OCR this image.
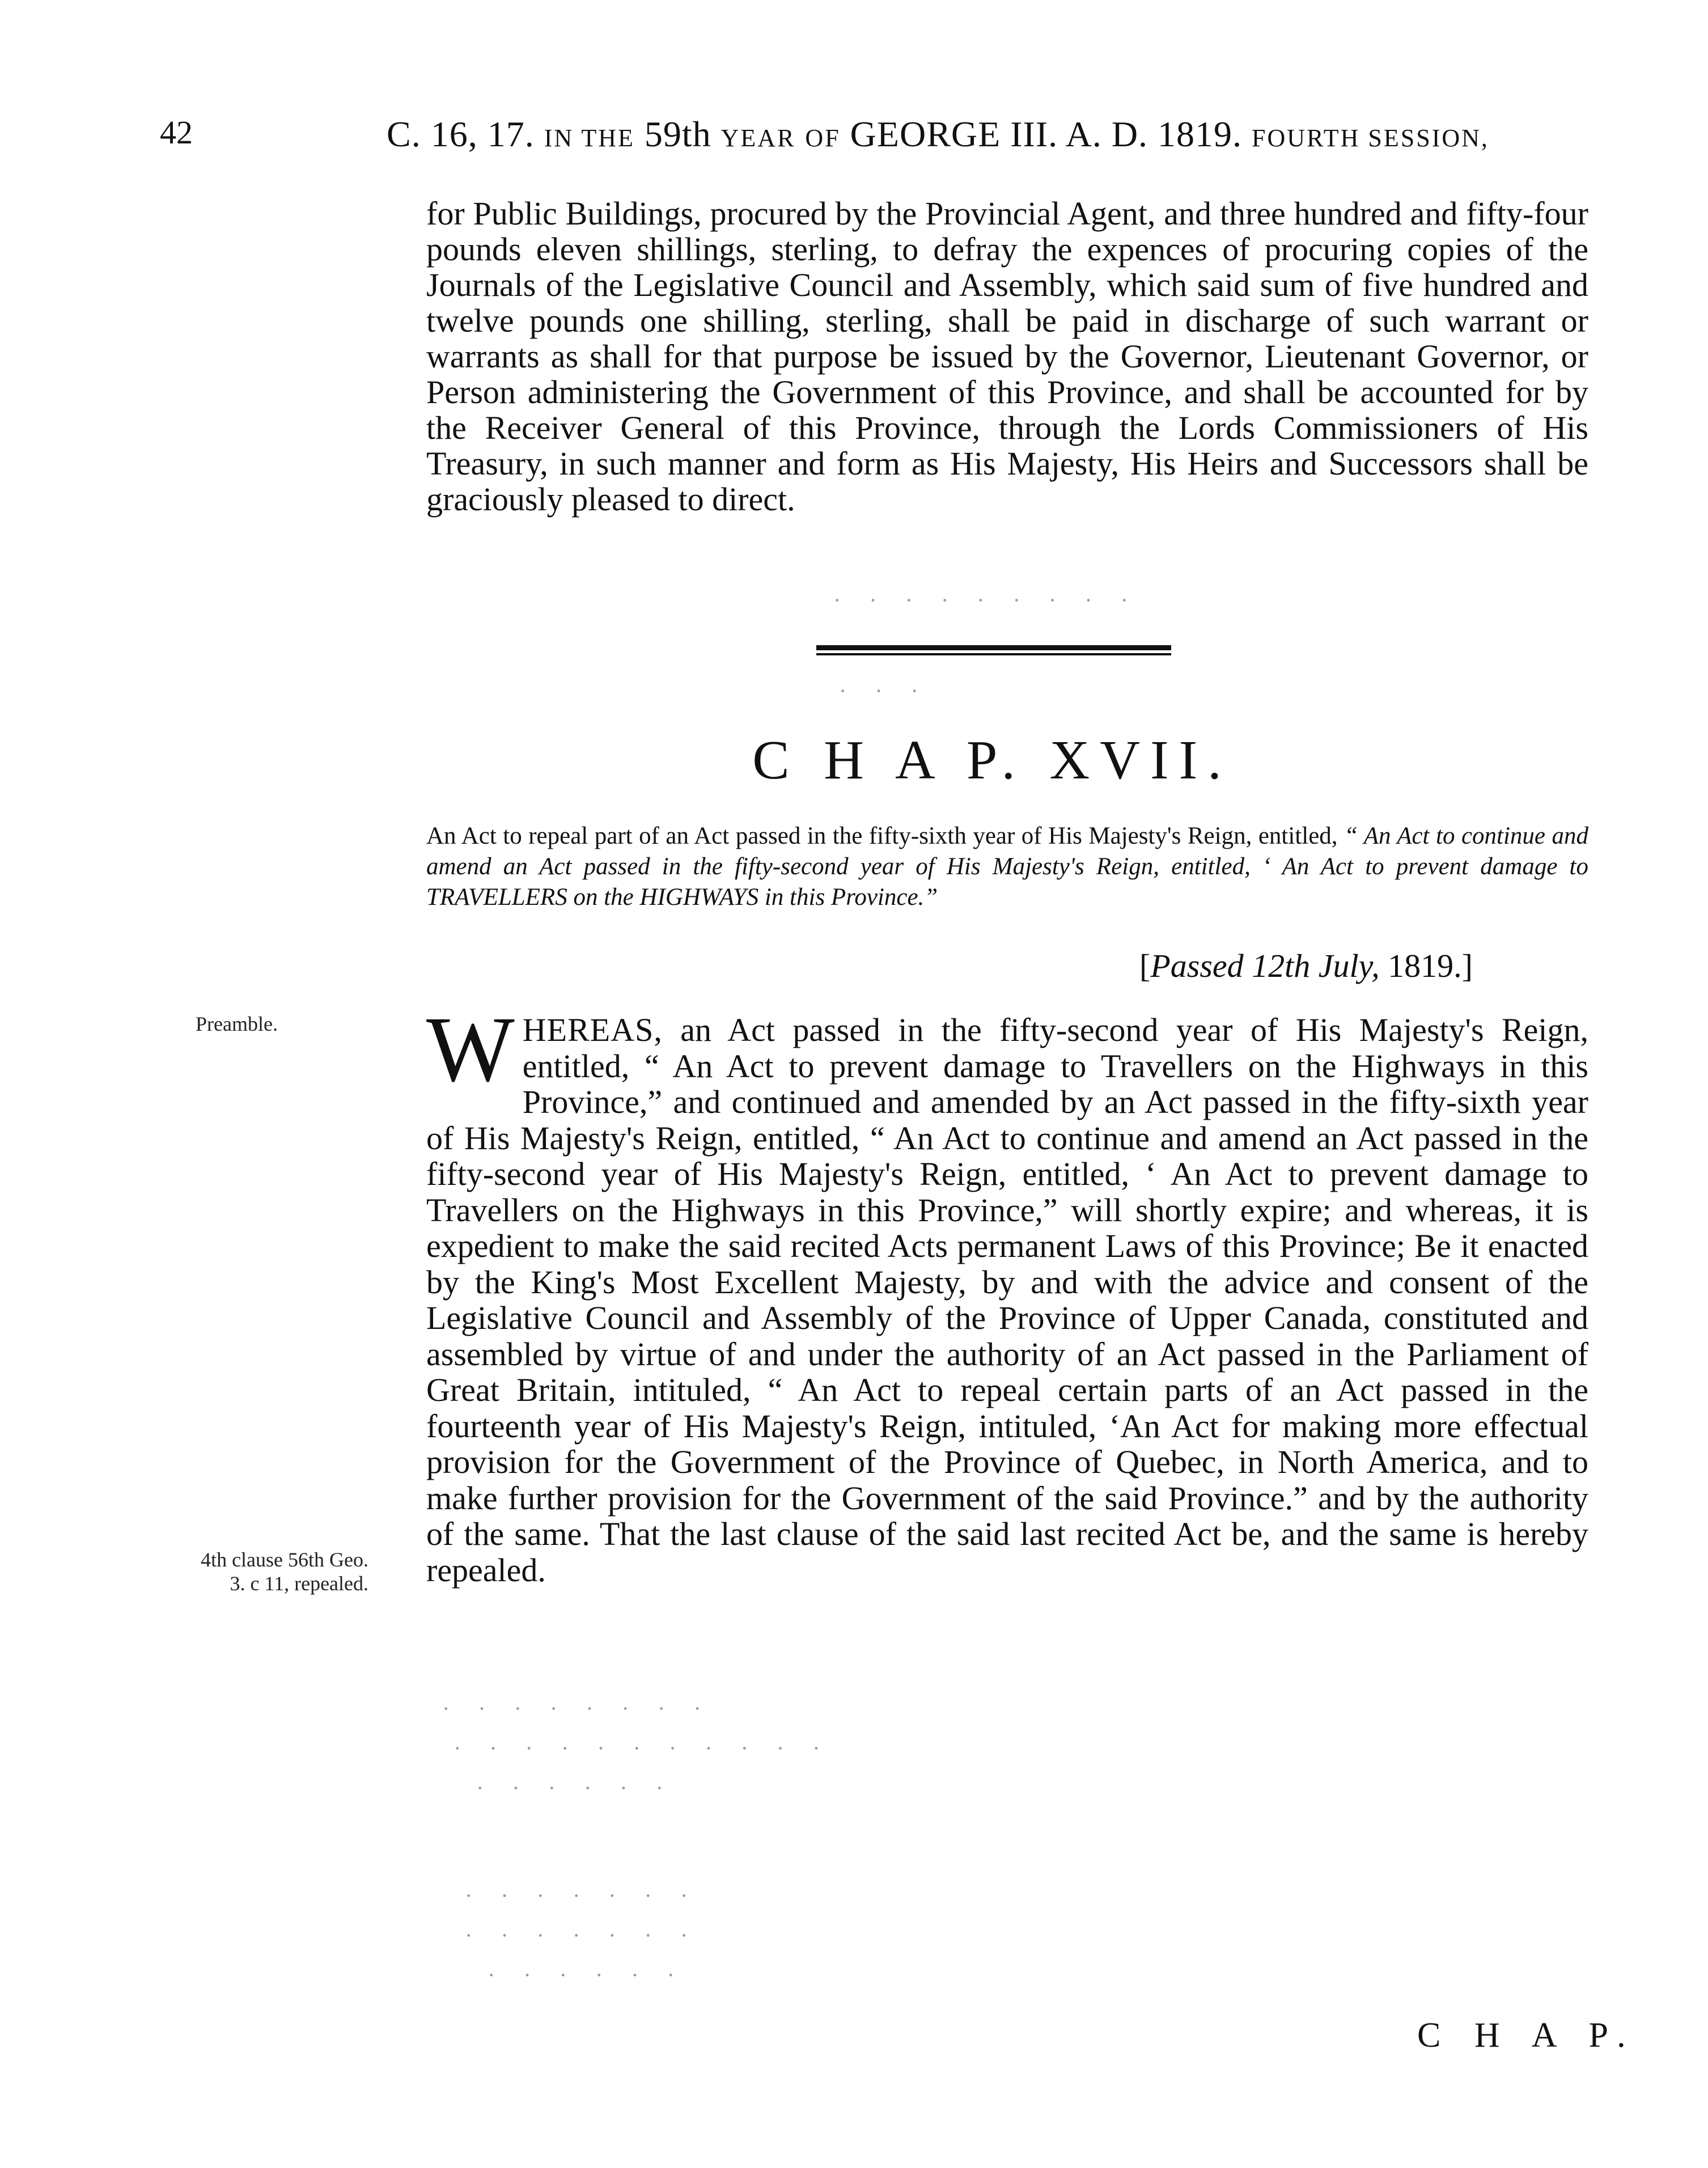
42	C. 16, 17. IN THE 59th YEAR OF GEORGE III. A. D. 1819. FOURTH SESSION,
for Public Buildings, procured by the Provincial Agent, and three hundred and fifty-four pounds eleven shillings, sterling, to defray the expences of procuring copies of the Journals of the Legislative Council and Assembly, which said sum of five hundred and twelve pounds one shilling, sterling, shall be paid in discharge of such warrant or warrants as shall for that purpose be issued by the Governor, Lieutenant Governor, or Person administering the Government of this Province, and shall be accounted for by the Receiver General of this Province, through the Lords Commissioners of His Treasury, in such manner and form as His Majesty, His Heirs and Successors shall be graciously pleased to direct.
· · · · · · · · ·
· · ·
· · · · · · · ·
· · · · · · · · · · ·
· · · · · ·
· · · · · · ·
· · · · · · ·
· · · · · ·
C H A P. XVII.
An Act to repeal part of an Act passed in the fifty-sixth year of His Majesty's Reign, entitled, “ An Act to continue and amend an Act passed in the fifty-second year of His Majesty's Reign, entitled, ‘ An Act to prevent damage to TRAVELLERS on the HIGHWAYS in this Province.”
[Passed 12th July, 1819.]
Preamble.
4th clause 56th Geo. 3. c 11, repealed.
WHEREAS, an Act passed in the fifty-second year of His Majesty's Reign, entitled, “ An Act to prevent damage to Travellers on the Highways in this Province,” and continued and amended by an Act passed in the fifty-sixth year of His Majesty's Reign, entitled, “ An Act to continue and amend an Act passed in the fifty-second year of His Majesty's Reign, entitled, ‘ An Act to prevent damage to Travellers on the Highways in this Province,” will shortly expire; and whereas, it is expedient to make the said recited Acts permanent Laws of this Province; Be it enacted by the King's Most Excellent Majesty, by and with the advice and consent of the Legislative Council and Assembly of the Province of Upper Canada, constituted and assembled by virtue of and under the authority of an Act passed in the Parliament of Great Britain, intituled, “ An Act to repeal certain parts of an Act passed in the fourteenth year of His Majesty's Reign, intituled, ‘An Act for making more effectual provision for the Government of the Province of Quebec, in North America, and to make further provision for the Government of the said Province.” and by the authority of the same. That the last clause of the said last recited Act be, and the same is hereby repealed.
C H A P.
